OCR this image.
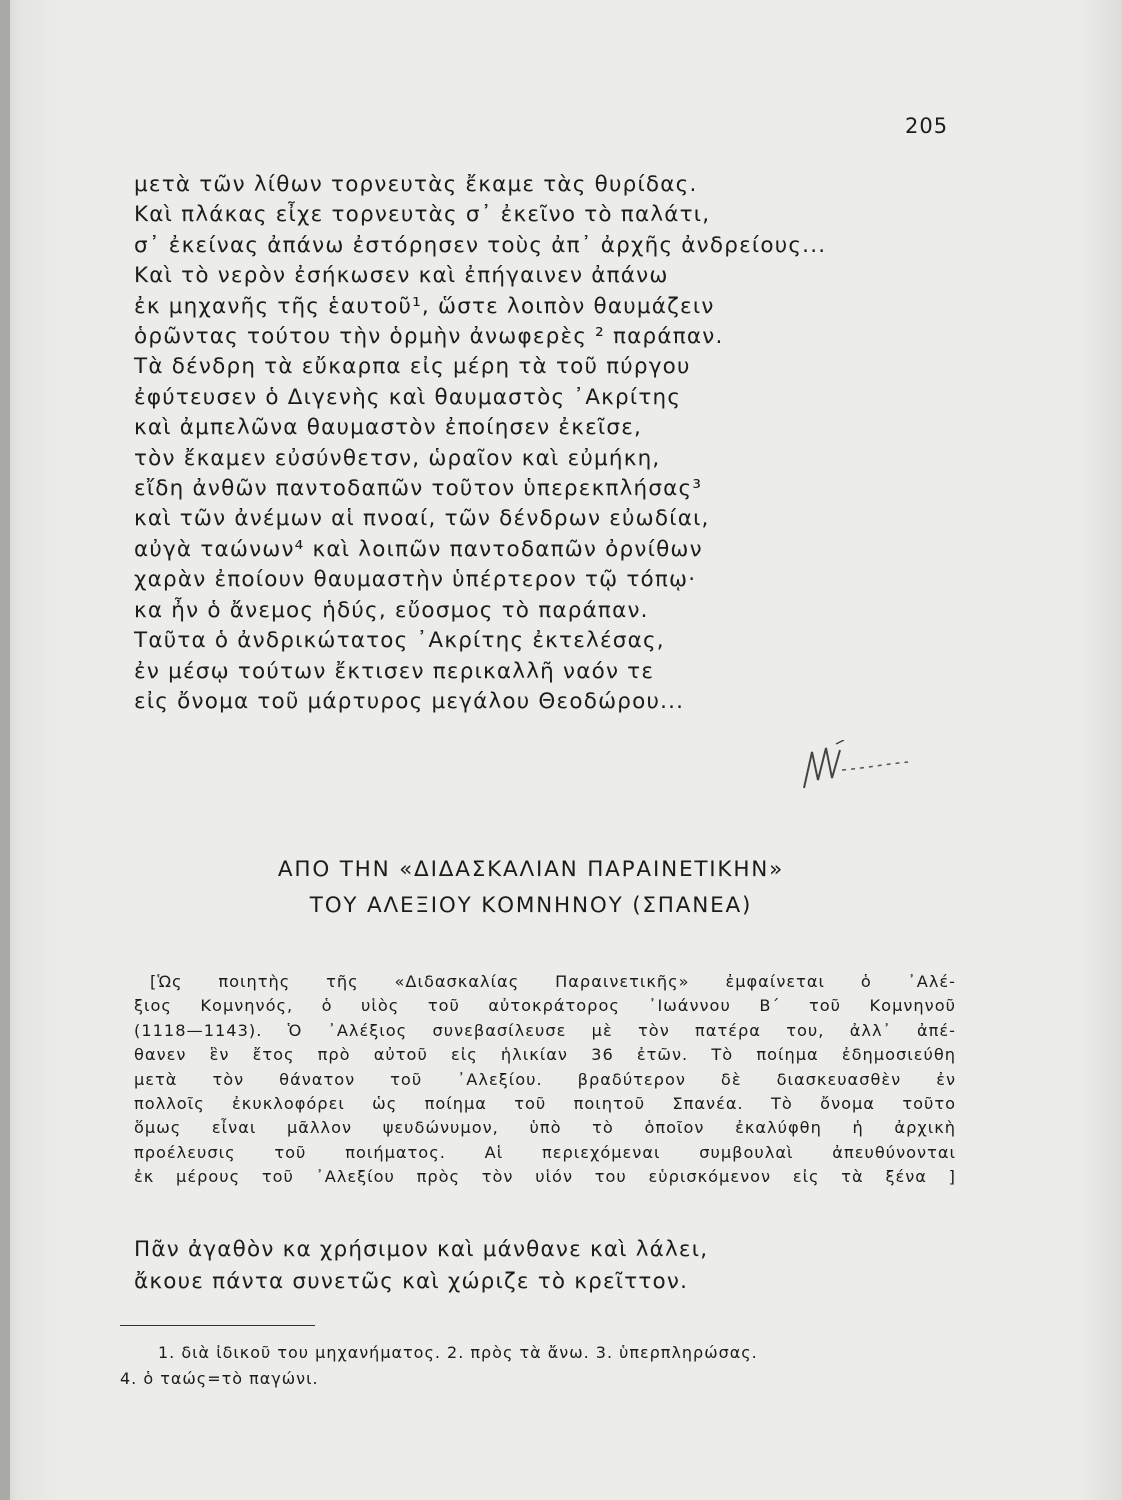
205
μετὰ τῶν λίθων τορνευτὰς ἔκαμε τὰς θυρίδας.
Καὶ πλάκας εἶχε τορνευτὰς σ᾿ ἐκεῖνο τὸ παλάτι,
σ᾿ ἐκείνας ἀπάνω ἐστόρησεν τοὺς ἀπ᾿ ἀρχῆς ἀνδρείους...
Καὶ τὸ νερὸν ἐσήκωσεν καὶ ἐπήγαινεν ἀπάνω
ἐκ μηχανῆς τῆς ἑαυτοῦ¹, ὥστε λοιπὸν θαυμάζειν
ὁρῶντας τούτου τὴν ὁρμὴν ἀνωφερὲς ² παράπαν.
Τὰ δένδρη τὰ εὔκαρπα εἰς μέρη τὰ τοῦ πύργου
ἐφύτευσεν ὁ Διγενὴς καὶ θαυμαστὸς ᾿Ακρίτης
καὶ ἀμπελῶνα θαυμαστὸν ἐποίησεν ἐκεῖσε,
τὸν ἔκαμεν εὐσύνθετσν, ὡραῖον καὶ εὐμήκη,
εἴδη ἀνθῶν παντοδαπῶν τοῦτον ὑπερεκπλήσας³
καὶ τῶν ἀνέμων αἱ πνοαί, τῶν δένδρων εὐωδίαι,
αὐγὰ ταώνων⁴ καὶ λοιπῶν παντοδαπῶν ὀρνίθων
χαρὰν ἐποίουν θαυμαστὴν ὑπέρτερον τῷ τόπῳ·
κα ἦν ὁ ἄνεμος ἡδύς, εὔοσμος τὸ παράπαν.
Ταῦτα ὁ ἀνδρικώτατος ᾿Ακρίτης ἐκτελέσας,
ἐν μέσῳ τούτων ἔκτισεν περικαλλῆ ναόν τε
εἰς ὄνομα τοῦ μάρτυρος μεγάλου Θεοδώρου...
ΑΠΟ ΤΗΝ «ΔΙΔΑΣΚΑΛΙΑΝ ΠΑΡΑΙΝΕΤΙΚΗΝ»
ΤΟΥ ΑΛΕΞΙΟΥ ΚΟΜΝΗΝΟΥ (ΣΠΑΝΕΑ)
[Ὡς ποιητὴς τῆς «Διδασκαλίας Παραινετικῆς» ἐμφαίνεται ὁ ᾿Αλέ-
ξιος Κομνηνός, ὁ υἱὸς τοῦ αὐτοκράτορος ᾿Ιωάννου Β΄ τοῦ Κομνηνοῦ
(1118—1143). Ὁ ᾿Αλέξιος συνεβασίλευσε μὲ τὸν πατέρα του, ἀλλ᾿ ἀπέ-
θανεν ἓν ἔτος πρὸ αὐτοῦ εἰς ἡλικίαν 36 ἐτῶν. Τὸ ποίημα ἐδημοσιεύθη
μετὰ τὸν θάνατον τοῦ ᾿Αλεξίου. βραδύτερον δὲ διασκευασθὲν ἐν
πολλοῖς ἐκυκλοφόρει ὡς ποίημα τοῦ ποιητοῦ Σπανέα. Τὸ ὄνομα τοῦτο
ὅμως εἶναι μᾶλλον ψευδώνυμον, ὑπὸ τὸ ὁποῖον ἐκαλύφθη ἡ ἀρχικὴ
προέλευσις τοῦ ποιήματος. Αἱ περιεχόμεναι συμβουλαὶ ἀπευθύνονται
ἐκ μέρους τοῦ ᾿Αλεξίου πρὸς τὸν υἱόν του εὑρισκόμενον εἰς τὰ ξένα ]
Πᾶν ἀγαθὸν κα χρήσιμον καὶ μάνθανε καὶ λάλει,
ἄκουε πάντα συνετῶς καὶ χώριζε τὸ κρεῖττον.
1. διὰ ἰδικοῦ του μηχανήματος. 2. πρὸς τὰ ἄνω. 3. ὑπερπληρώσας.
4. ὁ ταώς=τὸ παγώνι.
